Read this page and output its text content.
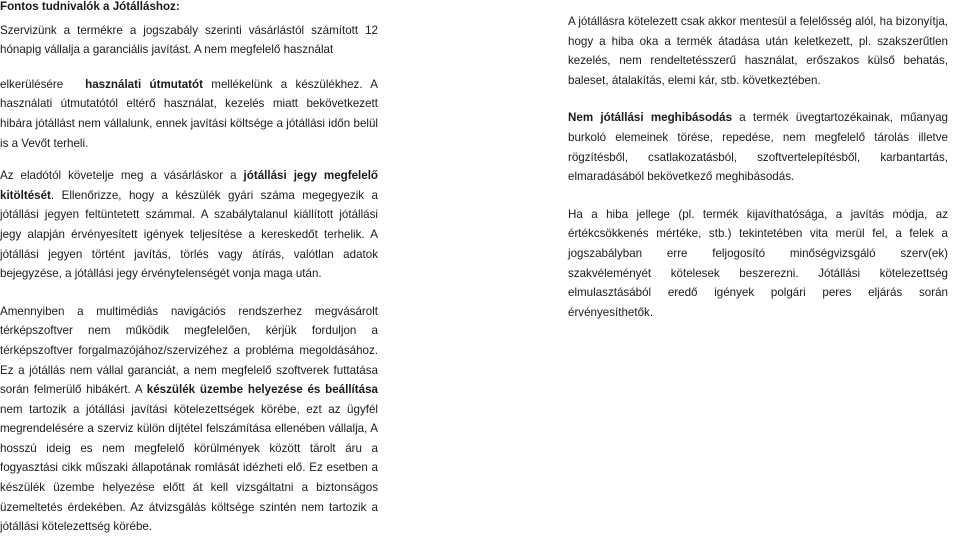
Fontos tudnivalók a Jótálláshoz:

Szervizünk a termékre a jogszabály szerinti vásárlástól számított 12 hónapig vállalja a garanciális javítást. A nem megfelelő használat

elkerülésére használati útmutatót mellékelünk a készülékhez. A használati útmutatótól eltérő használat, kezelés miatt bekövetkezett hibára jótállást nem vállalunk, ennek javítási költsége a jótállási időn belül is a Vevőt terheli.

Az eladótól követelje meg a vásárláskor a jótállási jegy megfelelő kitöltését. Ellenőrizze, hogy a készülék gyári száma megegyezik a jótállási jegyen feltüntetett számmal. A szabálytalanul kiállított jótállási jegy alapján érvényesített igények teljesítése a kereskedőt terhelik. A jótállási jegyen történt javítás, törlés vagy átírás, valótlan adatok bejegyzése, a jótállási jegy érvénytelenségét vonja maga után.

Amennyiben a multimédiás navigációs rendszerhez megvásárolt térképszoftver nem működik megfelelően, kérjük forduljon a térképszoftver forgalmazójához/szervizéhez a probléma megoldásához. Ez a jótállás nem vállal garanciát, a nem megfelelő szoftverek futtatása során felmerülő hibákért. A készülék üzembe helyezése és beállítása nem tartozik a jótállási javítási kötelezettségek körébe, ezt az ügyfél megrendelésére a szerviz külön díjtétel felszámítása ellenében vállalja, A hosszú ideig es nem megfelelő körülmények között tárolt áru a fogyasztási cikk műszaki állapotának romlását idézheti elő. Ez esetben a készülék üzembe helyezése előtt át kell vizsgáltatni a biztonságos üzemeltetés érdekében. Az átvizsgálás költsége szintén nem tartozik a jótállási kötelezettség körébe.

A jótállásra kötelezett csak akkor mentesül a felelősség alól, ha bizonyítja, hogy a hiba oka a termék átadása után keletkezett, pl. szakszerűtlen kezelés, nem rendeltetésszerű használat, erőszakos külső behatás, baleset, átalakítás, elemi kár, stb. következtében.

Nem jótállási meghibásodás a termék üvegtartozékainak, műanyag burkoló elemeinek törése, repedése, nem megfelelő tárolás illetve rögzítésből, csatlakozatásból, szoftvertelepítésből, karbantartás, elmaradásából bekövetkező meghibásodás.

Ha a hiba jellege (pl. termék kijavíthatósága, a javítás módja, az értékcsökkenés mértéke, stb.) tekintetében vita merül fel, a felek a jogszabályban erre feljogosító minőségvizsgáló szerv(ek) szakvéleményét kötelesek beszerezni. Jótállási kötelezettség elmulasztásából eredő igények polgári peres eljárás során érvényesíthetők.
